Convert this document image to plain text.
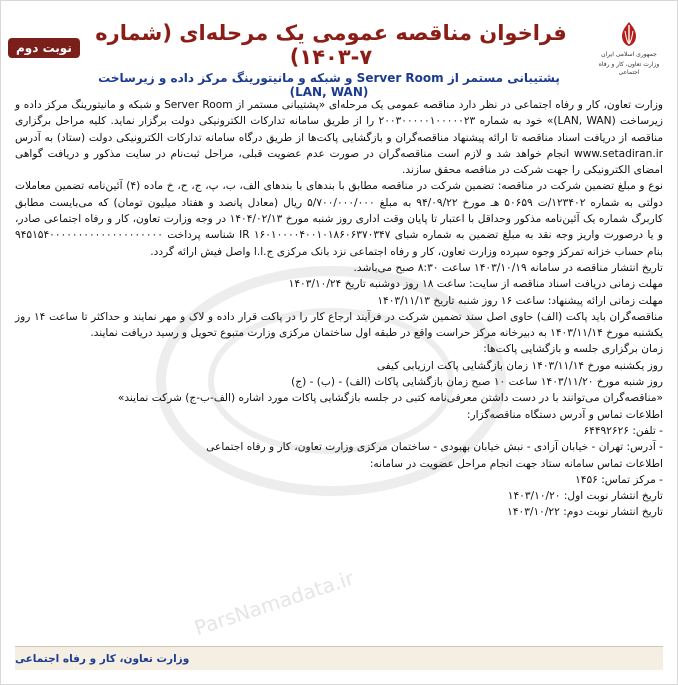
نوبت دوم	جمهوری اسلامی ایران
وزارت تعاون، کار و رفاه اجتماعی
فراخوان مناقصه عمومی یک مرحله‌ای (شماره ۷-۱۴۰۳)
پشتیبانی مستمر از Server Room و شبکه و مانیتورینگ مرکز داده و زیرساخت (LAN, WAN)

وزارت تعاون، کار و رفاه اجتماعی در نظر دارد مناقصه عمومی یک مرحله‌ای «پشتیبانی مستمر از Server Room و شبکه و مانیتورینگ مرکز داده و زیرساخت (LAN, WAN)» خود به شماره ۲۰۰۳۰۰۰۰۰۱۰۰۰۰۰۲۳ را از طریق سامانه تدارکات الکترونیکی دولت برگزار نماید. کلیه مراحل برگزاری مناقصه از دریافت اسناد مناقصه تا ارائه پیشنهاد مناقصه‌گران و بازگشایی پاکت‌ها از طریق درگاه سامانه تدارکات الکترونیکی دولت (ستاد) به آدرس www.setadiran.ir انجام خواهد شد و لازم است مناقصه‌گران در صورت عدم عضویت قبلی، مراحل ثبت‌نام در سایت مذکور و دریافت گواهی امضای الکترونیکی را جهت شرکت در مناقصه محقق سازند.

نوع و مبلغ تضمین شرکت در مناقصه: تضمین شرکت در مناقصه مطابق با بندهای با بندهای الف، ب، پ، ج، ح، خ ماده (۴) آئین‌نامه تضمین معاملات دولتی به شماره ۱۲۳۴۰۲/ت ۵۰۶۵۹ هـ مورخ ۹۴/۰۹/۲۲ به مبلغ ۵/۷۰۰/۰۰۰/۰۰۰ ریال (معادل پانصد و هفتاد میلیون تومان) که می‌بایست مطابق کاربرگ شماره یک آئین‌نامه مذکور وحداقل با اعتبار تا پایان وقت اداری روز شنبه مورخ ۱۴۰۴/۰۲/۱۳ در وجه وزارت تعاون، کار و رفاه اجتماعی صادر، و یا درصورت واریز وجه نقد به مبلغ تضمین به شماره شبای IR ۱۶۰۱۰۰۰۰۴۰۰۱۰۱۸۶۰۶۳۷۰۳۴۷ شناسه پرداخت ۹۴۵۱۵۴۰۰۰۰۰۰۰۰۰۰۰۰۰۰۰۰۰۰۰۰ بنام حساب خزانه تمرکز وجوه سپرده وزارت تعاون، کار و رفاه اجتماعی نزد بانک مرکزی ج.ا.ا واصل فیش ارائه گردد.

تاریخ انتشار مناقصه در سامانه ۱۴۰۳/۱۰/۱۹ ساعت ۸:۳۰ صبح می‌باشد.

مهلت زمانی دریافت اسناد مناقصه از سایت: ساعت ۱۸ روز دوشنبه تاریخ ۱۴۰۳/۱۰/۲۴

مهلت زمانی ارائه پیشنهاد: ساعت ۱۶ روز شنبه تاریخ ۱۴۰۳/۱۱/۱۳

مناقصه‌گران باید پاکت (الف) حاوی اصل سند تضمین شرکت در فرآیند ارجاع کار را در پاکت قرار داده و لاک و مهر نمایند و حداکثر تا ساعت ۱۴ روز یکشنبه مورخ ۱۴۰۳/۱۱/۱۴ به دبیرخانه مرکز حراست واقع در طبقه اول ساختمان مرکزی وزارت متبوع تحویل و رسید دریافت نمایند.

زمان برگزاری جلسه و بازگشایی پاکت‌ها:

روز یکشنبه مورخ ۱۴۰۳/۱۱/۱۴ زمان بازگشایی پاکت ارزیابی کیفی

روز شنبه مورخ ۱۴۰۳/۱۱/۲۰ ساعت ۱۰ صبح زمان بازگشایی پاکات (الف) - (ب) - (ج)

«مناقصه‌گران می‌توانند با در دست داشتن معرفی‌نامه کتبی در جلسه بازگشایی پاکات مورد اشاره (الف-ب-ج) شرکت نمایند»

اطلاعات تماس و آدرس دستگاه مناقصه‌گزار:

- تلفن: ۶۴۴۹۲۶۲۶

- آدرس: تهران - خیابان آزادی - نبش خیابان بهبودی - ساختمان مرکزی وزارت تعاون، کار و رفاه اجتماعی

اطلاعات تماس سامانه ستاد جهت انجام مراحل عضویت در سامانه:

- مرکز تماس: ۱۴۵۶

تاریخ انتشار نوبت اول: ۱۴۰۳/۱۰/۲۰

تاریخ انتشار نوبت دوم: ۱۴۰۳/۱۰/۲۲

ParsNamadata.ir
وزارت تعاون، کار و رفاه اجتماعی
